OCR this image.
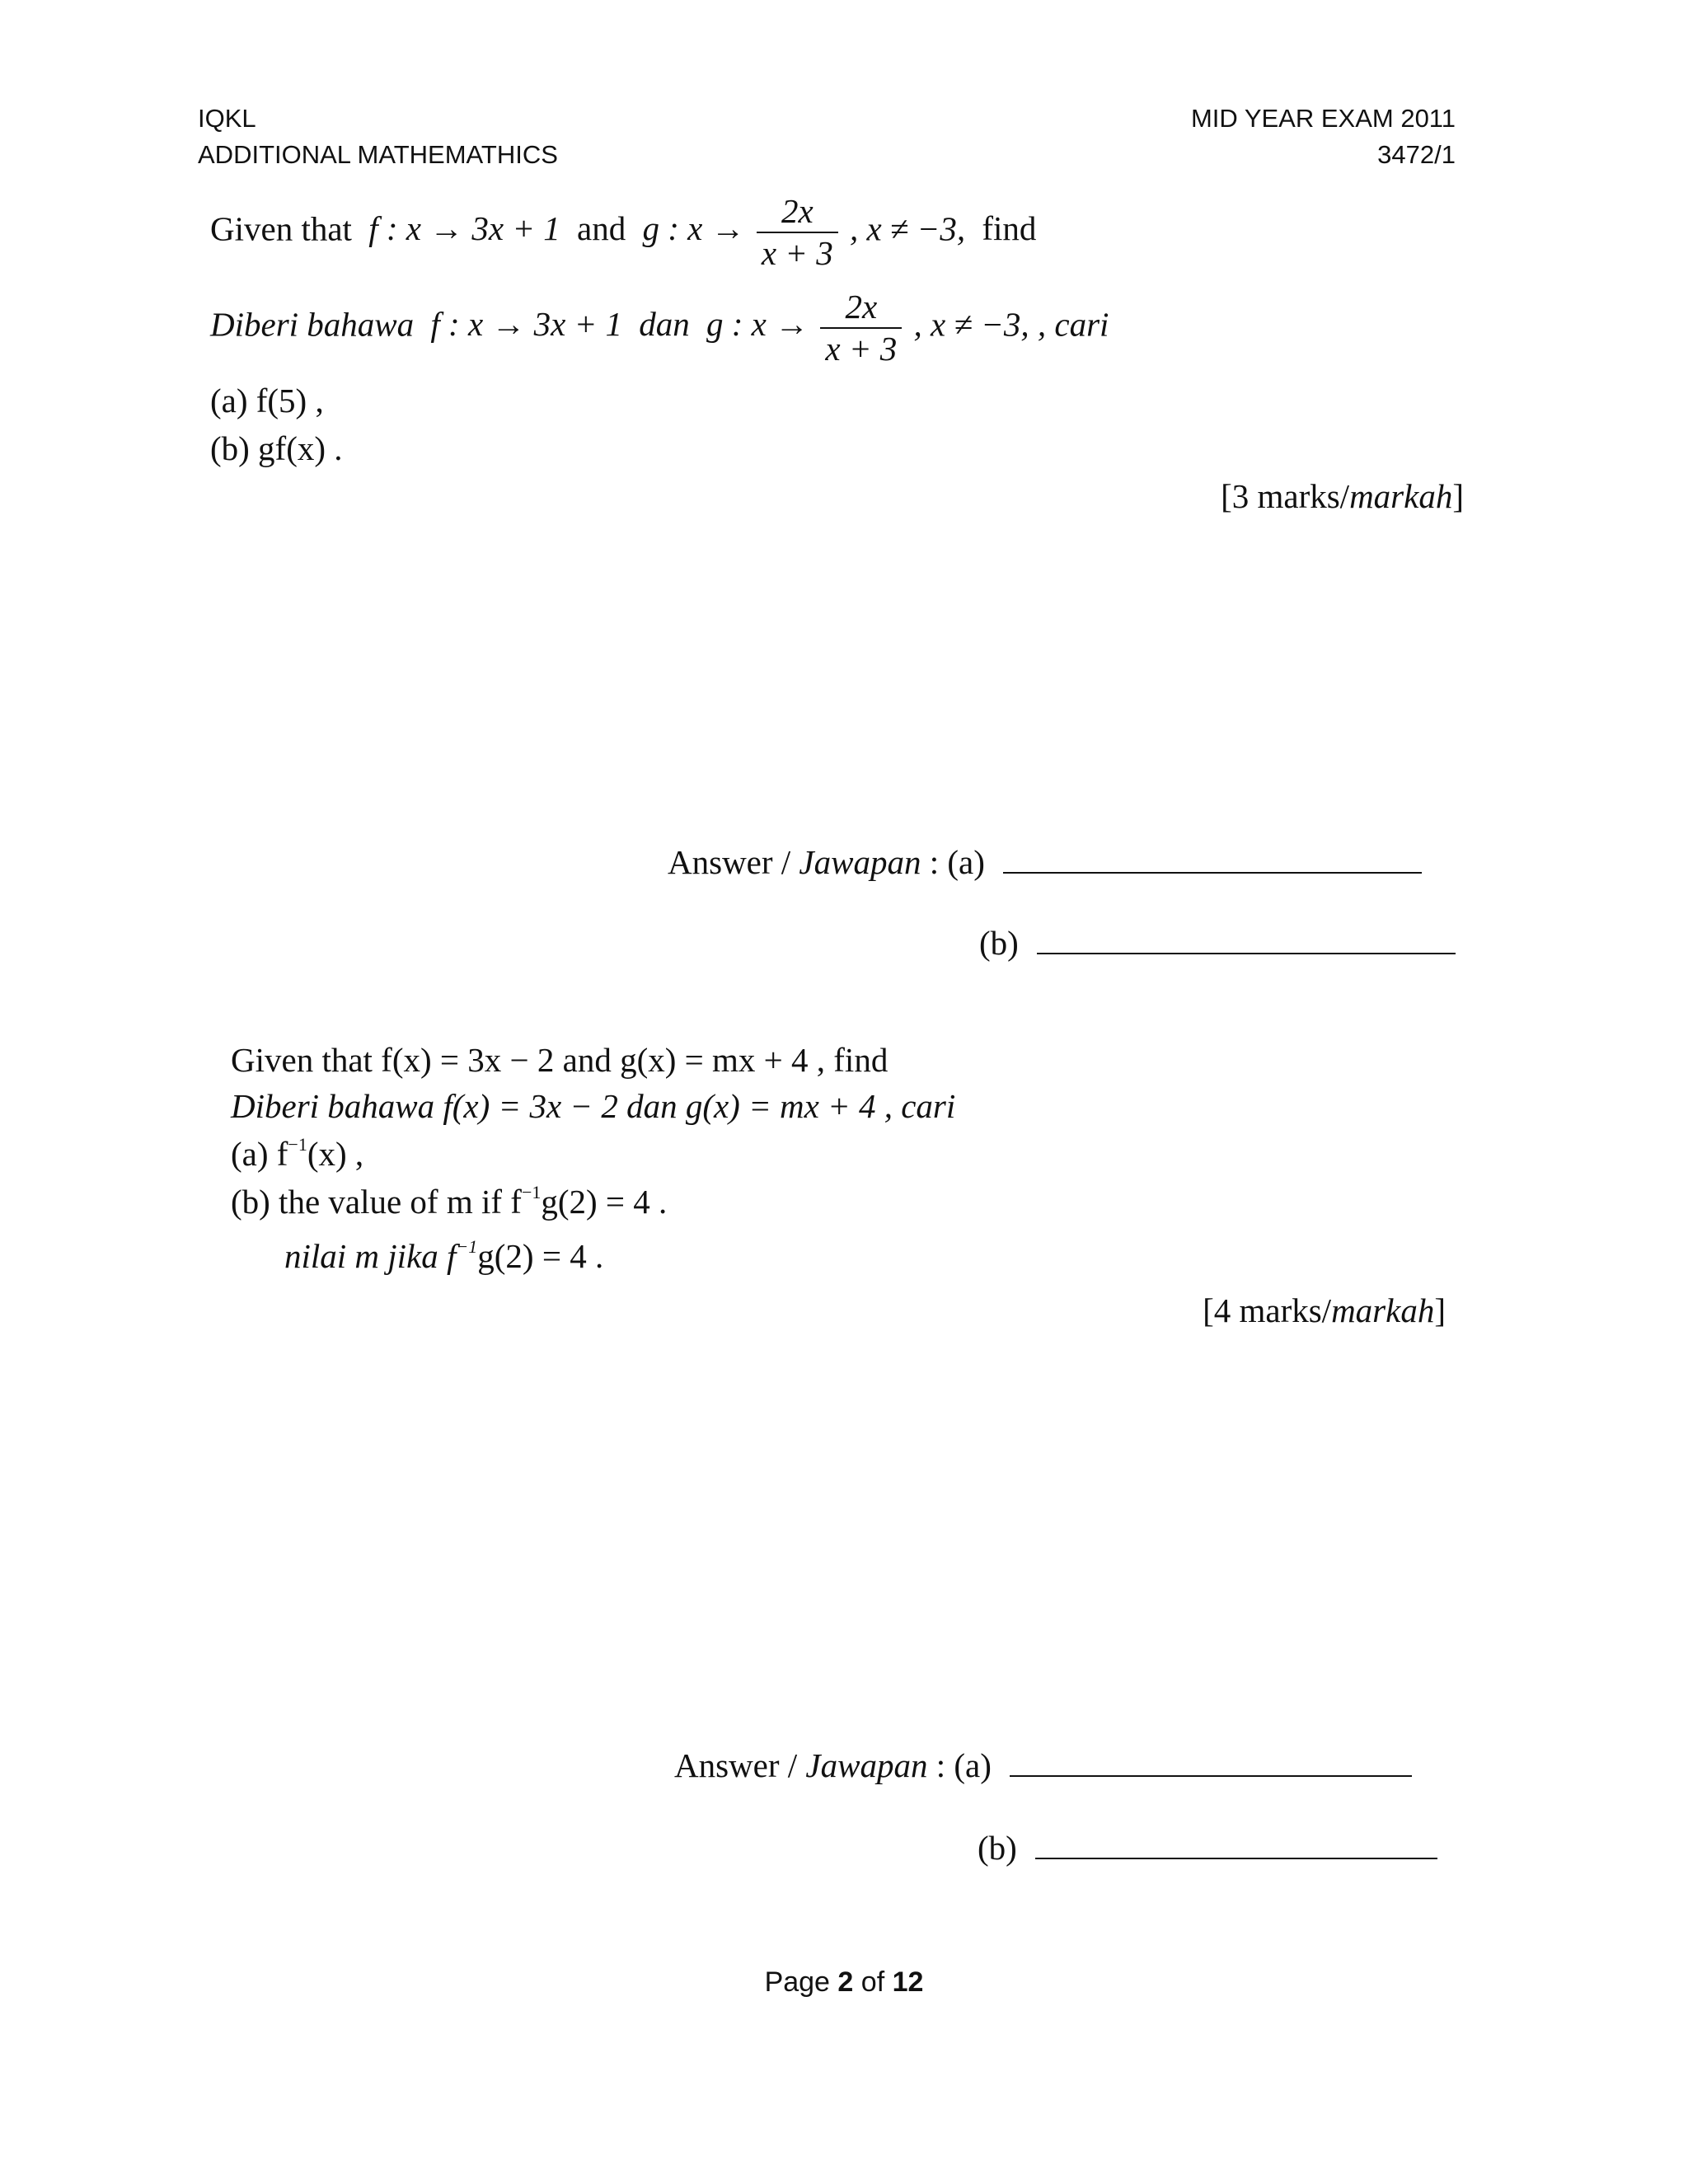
IQKL
ADDITIONAL MATHEMATHICS
MID YEAR EXAM 2011
3472/1
Given that f : x → 3x + 1 and g : $x \to \frac{2x}{x + 3}$ , x ≠ −3, find
Diberi bahawa f : x → 3x + 1 dan g : $x \to \frac{2x}{x + 3}$ , x ≠ −3, , cari
(a) f(5) ,
(b) gf(x) .
[3 marks/markah]
Answer / Jawapan : (a)
(b)
Given that f(x) = 3x − 2 and g(x) = mx + 4 , find
Diberi bahawa f(x) = 3x − 2 dan g(x) = mx + 4 , cari
(a) $f^{-1}(x)$ ,
(b) the value of m if $f^{-1}g(2) = 4$ .
nilai m jika $f^{-1}g(2) = 4$ .
[4 marks/markah]
Answer / Jawapan : (a)
(b)
Page 2 of 12
